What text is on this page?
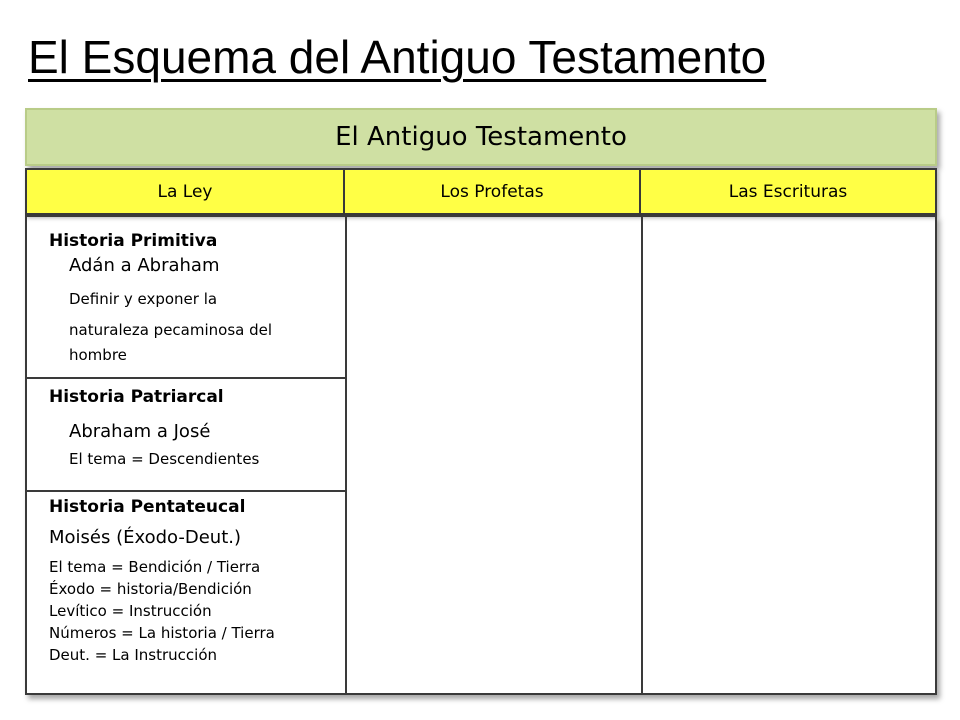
El Esquema del Antiguo Testamento
El Antiguo Testamento
La Ley	Los Profetas	Las Escrituras
Historia Primitiva
Adán a Abraham
Definir y exponer la
naturaleza pecaminosa del
hombre
Historia Patriarcal
Abraham a José
El tema = Descendientes
Historia Pentateucal
Moisés (Éxodo-Deut.)
El tema = Bendición / Tierra
Éxodo = historia/Bendición
Levítico = Instrucción
Números = La historia / Tierra
Deut. = La Instrucción
